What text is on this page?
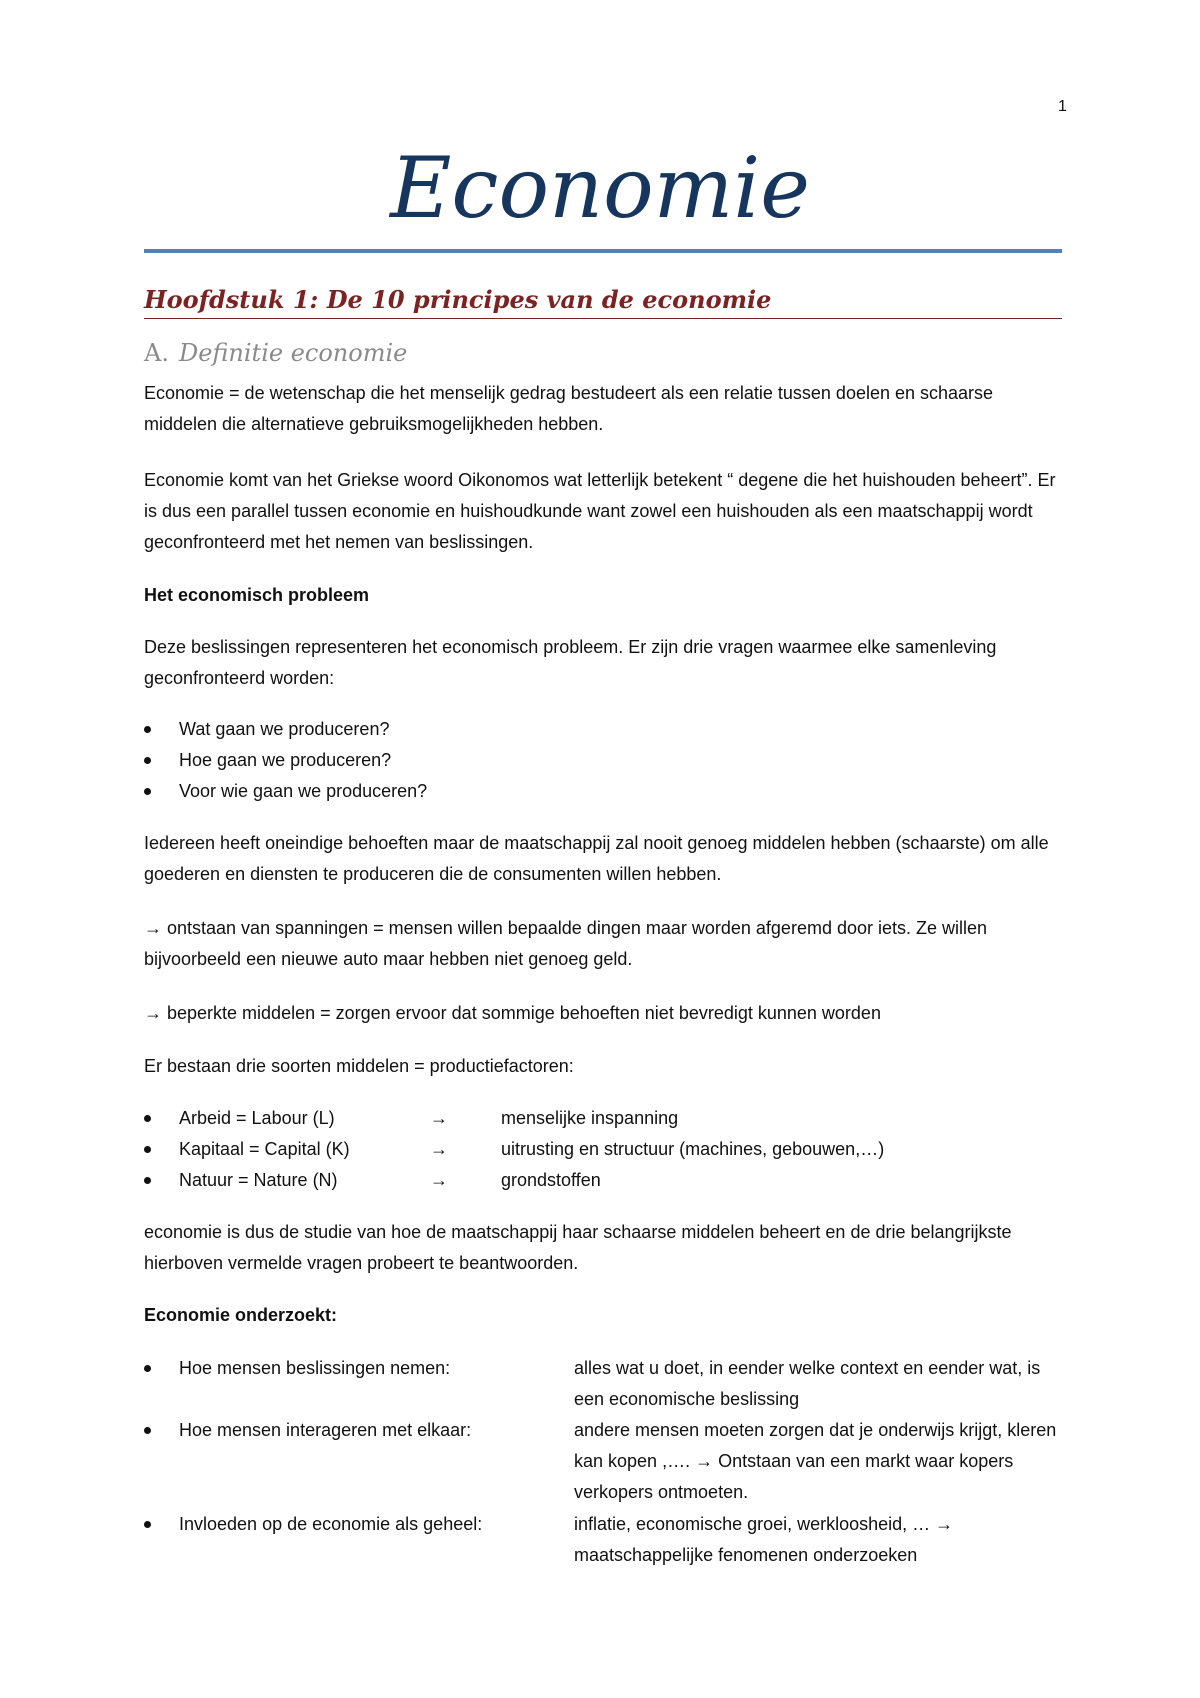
1
Economie
Hoofdstuk 1: De 10 principes van de economie
A. Definitie economie
Economie = de wetenschap die het menselijk gedrag bestudeert als een relatie tussen doelen en schaarse middelen die alternatieve gebruiksmogelijkheden hebben.
Economie komt van het Griekse woord Oikonomos wat letterlijk betekent “ degene die het huishouden beheert”. Er is dus een parallel tussen economie en huishoudkunde want zowel een huishouden als een maatschappij wordt geconfronteerd met het nemen van beslissingen.
Het economisch probleem
Deze beslissingen representeren het economisch probleem. Er zijn drie vragen waarmee elke samenleving geconfronteerd worden:
Wat gaan we produceren?
Hoe gaan we produceren?
Voor wie gaan we produceren?
Iedereen heeft oneindige behoeften maar de maatschappij zal nooit genoeg middelen hebben (schaarste) om alle goederen en diensten te produceren die de consumenten willen hebben.
→ ontstaan van spanningen = mensen willen bepaalde dingen maar worden afgeremd door iets. Ze willen bijvoorbeeld een nieuwe auto maar hebben niet genoeg geld.
→ beperkte middelen = zorgen ervoor dat sommige behoeften niet bevredigt kunnen worden
Er bestaan drie soorten middelen = productiefactoren:
Arbeid = Labour (L)	→	menselijke inspanning
Kapitaal = Capital (K)	→	uitrusting en structuur (machines, gebouwen,…)
Natuur = Nature (N)	→	grondstoffen
economie is dus de studie van hoe de maatschappij haar schaarse middelen beheert en de drie belangrijkste hierboven vermelde vragen probeert te beantwoorden.
Economie onderzoekt:
Hoe mensen beslissingen nemen:	alles wat u doet, in eender welke context en eender wat, is een economische beslissing
Hoe mensen interageren met elkaar:	andere mensen moeten zorgen dat je onderwijs krijgt, kleren kan kopen ,…. → Ontstaan van een markt waar kopers verkopers ontmoeten.
Invloeden op de economie als geheel:	inflatie, economische groei, werkloosheid, … → maatschappelijke fenomenen onderzoeken
